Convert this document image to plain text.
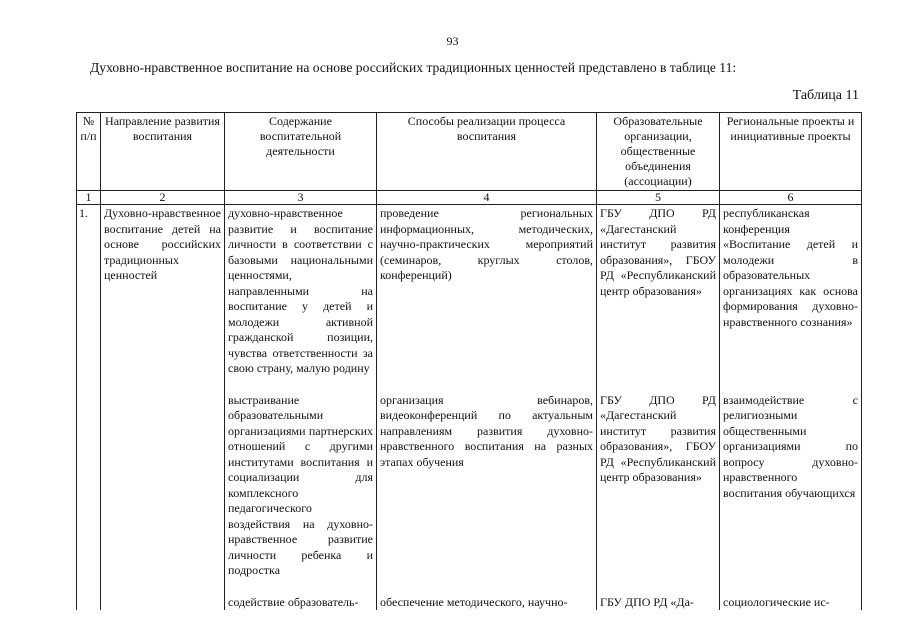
93
Духовно-нравственное воспитание на основе российских традиционных ценностей представлено в таблице 11:
Таблица 11
№ п/п	Направление развития воспитания	Содержание воспитательной деятельности	Способы реализации процесса воспитания	Образовательные организации, общественные объединения (ассоциации)	Региональные проекты и инициативные проекты
1	2	3	4	5	6
1.	Духовно-нравственное воспитание детей на основе российских традиционных ценностей	духовно-нравственное развитие и воспитание личности в соответствии с базовыми национальными ценностями, направленными на воспитание у детей и молодежи активной гражданской позиции, чувства ответственности за свою страну, малую родину	проведение региональных информационных, методических, научно-практических мероприятий (семинаров, круглых столов, конференций)	ГБУ ДПО РД «Дагестанский институт развития образования», ГБОУ РД «Республиканский центр образования»	республиканская конференция «Воспитание детей и молодежи в образовательных организациях как основа формирования духовно-нравственного сознания»
		выстраивание образовательными организациями партнерских отношений с другими институтами воспитания и социализации для комплексного педагогического воздействия на духовно-нравственное развитие личности ребенка и подростка	организация вебинаров, видеоконференций по актуальным направлениям развития духовно-нравственного воспитания на разных этапах обучения	ГБУ ДПО РД «Дагестанский институт развития образования», ГБОУ РД «Республиканский центр образования»	взаимодействие с религиозными общественными организациями по вопросу духовно-нравственного воспитания обучающихся
		содействие образователь-	обеспечение методического, научно-	ГБУ ДПО РД «Да-	социологические ис-
